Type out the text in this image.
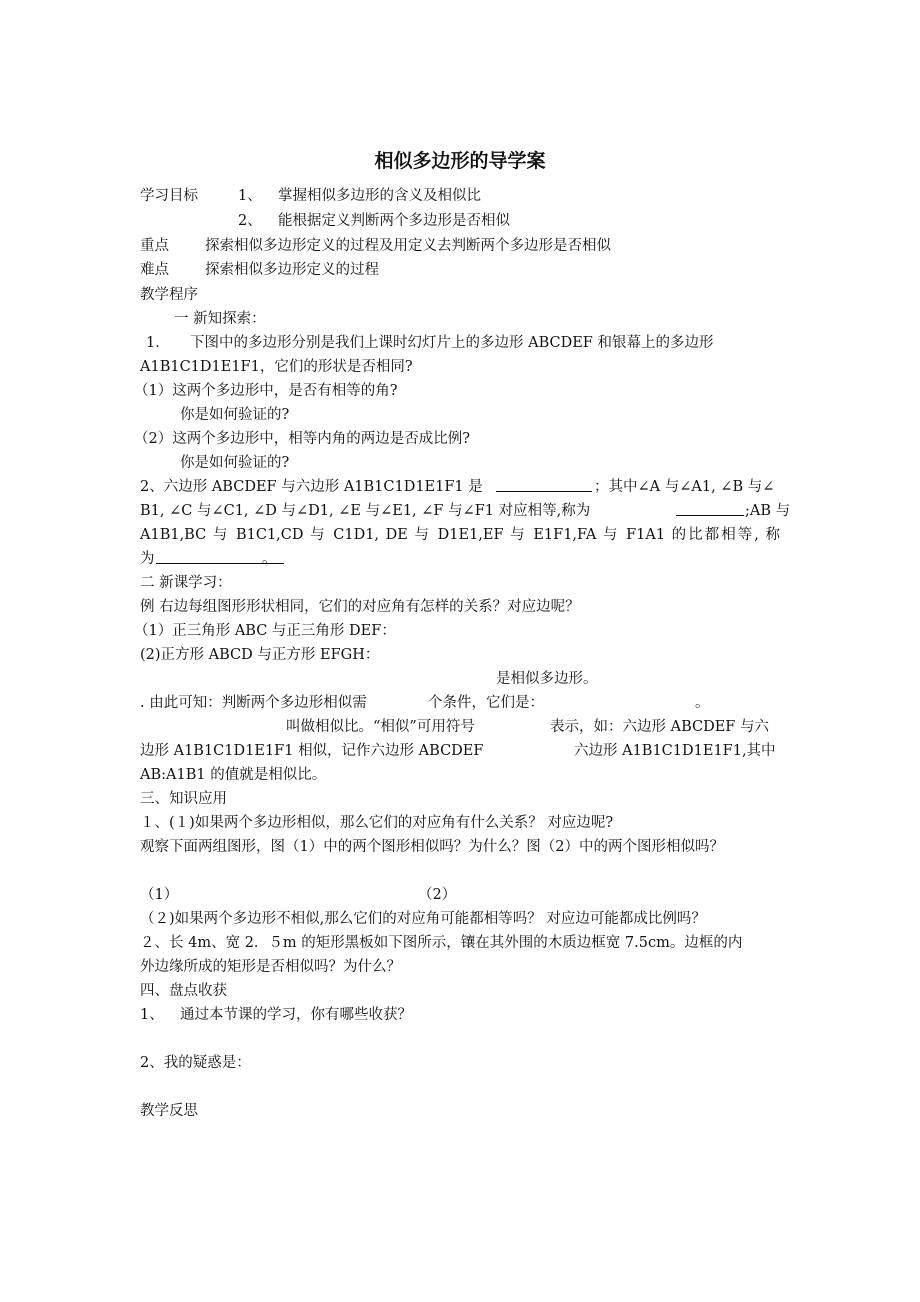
相似多边形的导学案
学习目标	1、 掌握相似多边形的含义及相似比
2、 能根据定义判断两个多边形是否相似
重点 探索相似多边形定义的过程及用定义去判断两个多边形是否相似
难点 探索相似多边形定义的过程
教学程序
一 新知探索：
1． 下图中的多边形分别是我们上课时幻灯片上的多边形 ABCDEF 和银幕上的多边形
A1B1C1D1E1F1，它们的形状是否相同?
（1）这两个多边形中，是否有相等的角?
你是如何验证的?
（2）这两个多边形中，相等内角的两边是否成比例?
你是如何验证的?
2、六边形 ABCDEF 与六边形 A1B1C1D1E1F1 是	；其中∠A 与∠A1, ∠B 与∠
B1, ∠C 与∠C1, ∠D 与∠D1, ∠E 与∠E1, ∠F 与∠F1 对应相等,称为	;AB 与
A1B1,BC 与 B1C1,CD 与 C1D1, DE 与 D1E1,EF 与 E1F1,FA 与 F1A1 的比都相等, 称
为	。
二 新课学习：
例 右边每组图形形状相同，它们的对应角有怎样的关系？对应边呢？
（1）正三角形 ABC 与正三角形 DEF：
(2)正方形 ABCD 与正方形 EFGH：
是相似多边形。
. 由此可知：判断两个多边形相似需	个条件，它们是：	。
叫做相似比。“相似”可用符号	表示，如：六边形 ABCDEF 与六
边形 A1B1C1D1E1F1 相似，记作六边形 ABCDEF	六边形 A1B1C1D1E1F1,其中
AB:A1B1 的值就是相似比。
三、知识应用
１、(１)如果两个多边形相似，那么它们的对应角有什么关系？ 对应边呢?
观察下面两组图形，图（1）中的两个图形相似吗？为什么？图（2）中的两个图形相似吗？
（1）	（2）
（２)如果两个多边形不相似,那么它们的对应角可能都相等吗？ 对应边可能都成比例吗？
２、长 4m、宽 2．５m 的矩形黑板如下图所示，镶在其外围的木质边框宽 7.5cm。边框的内
外边缘所成的矩形是否相似吗？为什么？
四、盘点收获
1、 通过本节课的学习，你有哪些收获？
2、我的疑惑是：
教学反思
